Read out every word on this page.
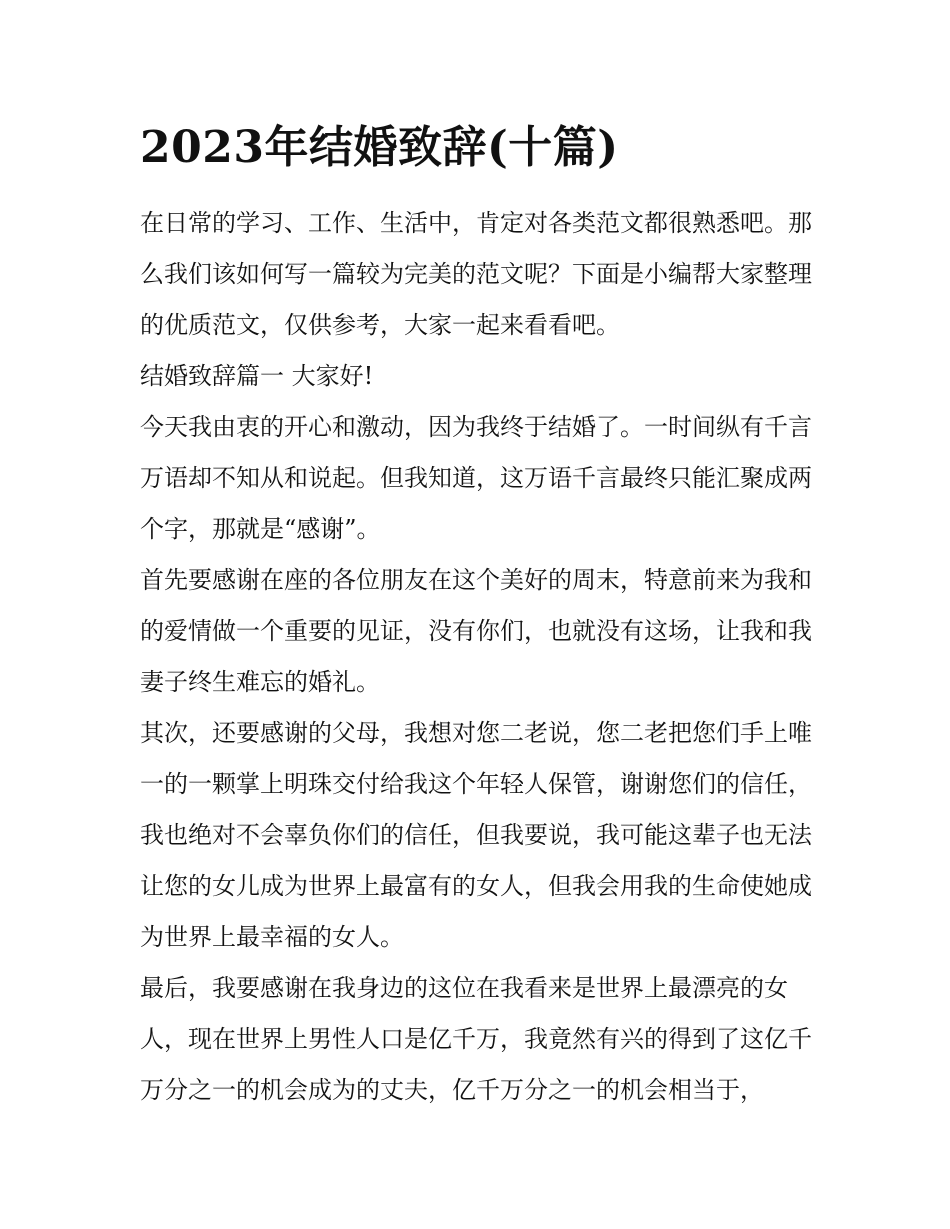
2023年结婚致辞(十篇)

在日常的学习、工作、生活中，肯定对各类范文都很熟悉吧。那么我们该如何写一篇较为完美的范文呢？下面是小编帮大家整理的优质范文，仅供参考，大家一起来看看吧。

结婚致辞篇一 大家好!

今天我由衷的开心和激动，因为我终于结婚了。一时间纵有千言万语却不知从和说起。但我知道，这万语千言最终只能汇聚成两个字，那就是“感谢”。

首先要感谢在座的各位朋友在这个美好的周末，特意前来为我和的爱情做一个重要的见证，没有你们，也就没有这场，让我和我妻子终生难忘的婚礼。

其次，还要感谢的父母，我想对您二老说，您二老把您们手上唯一的一颗掌上明珠交付给我这个年轻人保管，谢谢您们的信任，我也绝对不会辜负你们的信任，但我要说，我可能这辈子也无法让您的女儿成为世界上最富有的女人，但我会用我的生命使她成为世界上最幸福的女人。

最后，我要感谢在我身边的这位在我看来是世界上最漂亮的女人，现在世界上男性人口是亿千万，我竟然有兴的得到了这亿千万分之一的机会成为的丈夫，亿千万分之一的机会相当于，
